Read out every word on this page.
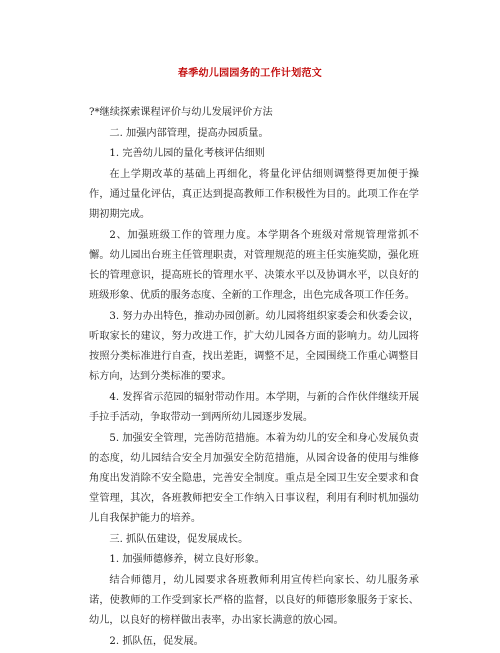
春季幼儿园园务的工作计划范文

?*继续探索课程评价与幼儿发展评价方法

二. 加强内部管理，提高办园质量。

1. 完善幼儿园的量化考核评估细则

在上学期改革的基础上再细化，将量化评估细则调整得更加便于操作，通过量化评估，真正达到提高教师工作积极性为目的。此项工作在学期初期完成。

2、加强班级工作的管理力度。本学期各个班级对常规管理常抓不懈。幼儿园出台班主任管理职责，对管理规范的班主任实施奖励，强化班长的管理意识，提高班长的管理水平、决策水平以及协调水平，以良好的班级形象、优质的服务态度、全新的工作理念，出色完成各项工作任务。

3. 努力办出特色，推动办园创新。幼儿园将组织家委会和伙委会议，听取家长的建议，努力改进工作，扩大幼儿园各方面的影响力。幼儿园将按照分类标准进行自查，找出差距，调整不足，全园围绕工作重心调整目标方向，达到分类标准的要求。

4. 发挥省示范园的辐射带动作用。本学期，与新的合作伙伴继续开展手拉手活动，争取带动一到两所幼儿园逐步发展。

5. 加强安全管理，完善防范措施。本着为幼儿的安全和身心发展负责的态度，幼儿园结合安全月加强安全防范措施，从园舍设备的使用与维修角度出发消除不安全隐患，完善安全制度。重点是全园卫生安全要求和食堂管理，其次，各班教师把安全工作纳入日事议程，利用有利时机加强幼儿自我保护能力的培养。

三. 抓队伍建设，促发展成长。

1. 加强师德修养，树立良好形象。

结合师德月，幼儿园要求各班教师利用宣传栏向家长、幼儿服务承诺，使教师的工作受到家长严格的监督，以良好的师德形象服务于家长、幼儿，以良好的榜样做出表率，办出家长满意的放心园。

2. 抓队伍，促发展。
